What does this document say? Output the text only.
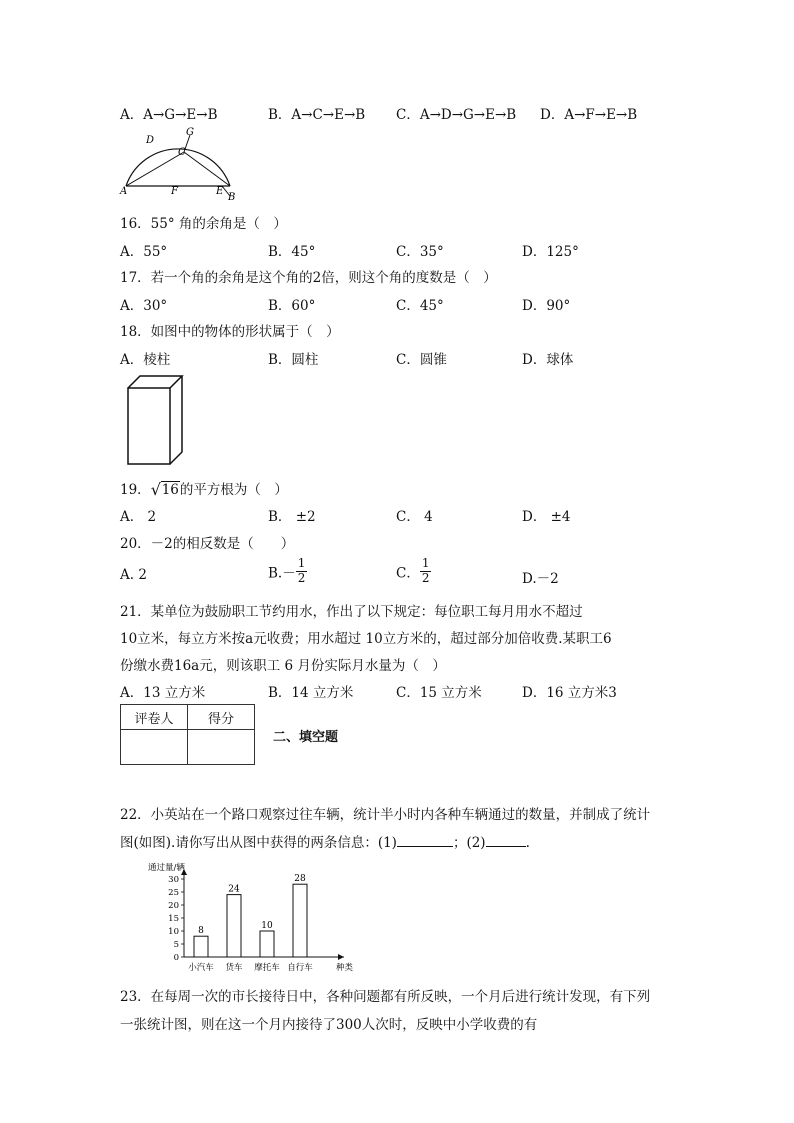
A．A→G→E→B	B．A→C→E→B C．A→D→G→E→B D．A→F→E→B
D
G
C
A	F	E
B
16．55° 角的余角是（　）
A．55°	B．45°	C．35°	D．125°
17．若一个角的余角是这个角的2倍，则这个角的度数是（　）
A．30°	B．60°	C．45°	D．90°
18．如图中的物体的形状属于（　）
A．棱柱	B．圆柱	C．圆锥	D．球体
19． √ 16的平方根为（　）
A． 2	B． ±2	C． 4	D． ±4
20．－2的相反数是（　　）
A. 2	$B.- \frac{1}{2}$	C． $\frac{1}{2}$	D.－2
21．某单位为鼓励职工节约用水，作出了以下规定：每位职工每月用水不超过
10立米，每立方米按a元收费；用水超过 10立方米的，超过部分加倍收费.某职工6
份缴水费16a元，则该职工 6 月份实际月水量为（　）
A．13 立方米	B．14 立方米	C．15 立方米	D．16 立方米3
评卷人	得分

二、填空题
22．小英站在一个路口观察过往车辆，统计半小时内各种车辆通过的数量，并制成了统计
图(如图).请你写出从图中获得的两条信息：(1)	；(2)	.
通过量/辆
种类
0
5
10
15
20
25
30
8
小汽车
24
货车
10
摩托车
28
自行车
23．在每周一次的市长接待日中，各种问题都有所反映，一个月后进行统计发现，有下列
一张统计图，则在这一个月内接待了300人次时，反映中小学收费的有
